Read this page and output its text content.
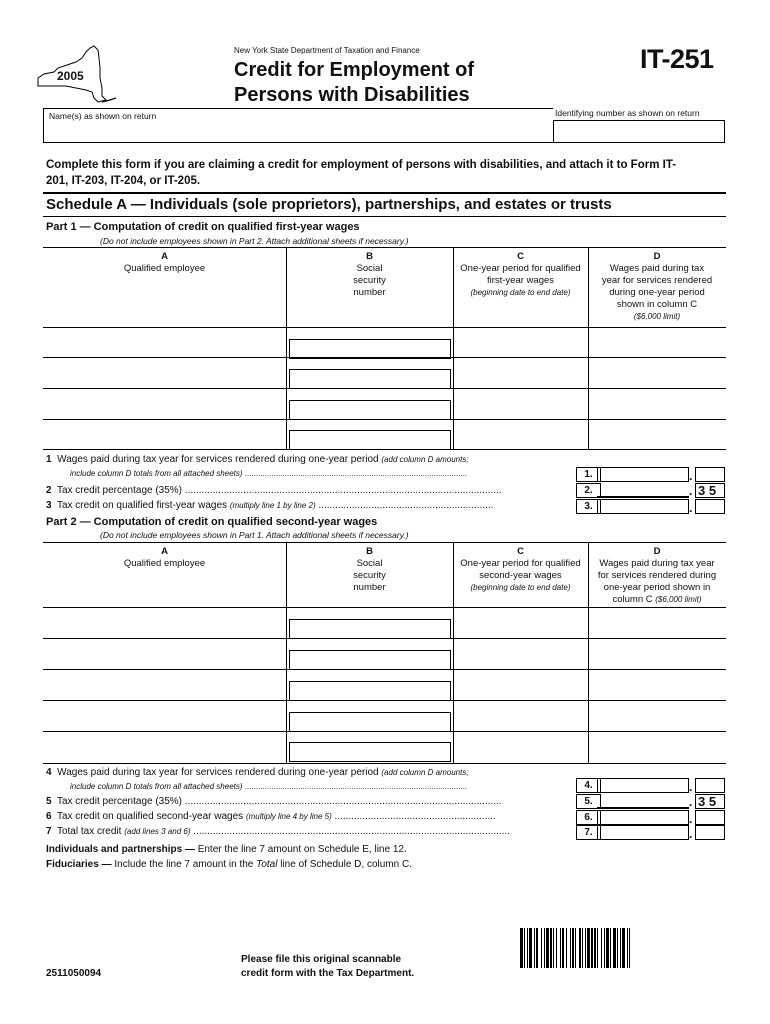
2005
New York State Department of Taxation and Finance
Credit for Employment of
Persons with Disabilities
IT-251
Name(s) as shown on return	Identifying number as shown on return
Complete this form if you are claiming a credit for employment of persons with disabilities, and attach it to Form IT-201, IT-203, IT-204, or IT-205.
Schedule A — Individuals (sole proprietors), partnerships, and estates or trusts
Part 1 — Computation of credit on qualified first-year wages
(Do not include employees shown in Part 2. Attach additional sheets if necessary.)
A
Qualified employee
B
Social
security
number
C
One-year period for qualified
first-year wages
(beginning date to end date)
D
Wages paid during tax
year for services rendered
during one-year period
shown in column C
($6,000 limit)
1 Wages paid during tax year for services rendered during one-year period (add column D amounts;
include column D totals from all attached sheets) ....................................................................................................	1.	.
2 Tax credit percentage (35%) ..................................................................................................................	2.	. 3 5
3 Tax credit on qualified first-year wages (multiply line 1 by line 2) ...............................................................	3.	.
Part 2 — Computation of credit on qualified second-year wages
(Do not include employees shown in Part 1. Attach additional sheets if necessary.)
A
Qualified employee
B
Social
security
number
C
One-year period for qualified
second-year wages
(beginning date to end date)
D
Wages paid during tax year
for services rendered during
one-year period shown in
column C ($6,000 limit)
4 Wages paid during tax year for services rendered during one-year period (add column D amounts;
include column D totals from all attached sheets) ....................................................................................................	4.	.
5 Tax credit percentage (35%) ..................................................................................................................	5.	. 3 5
6 Tax credit on qualified second-year wages (multiply line 4 by line 5) ..........................................................	6.	.
7 Total tax credit (add lines 3 and 6) ..................................................................................................................	7.	.
Individuals and partnerships — Enter the line 7 amount on Schedule E, line 12.
Fiduciaries — Include the line 7 amount in the Total line of Schedule D, column C.
Please file this original scannable
credit form with the Tax Department.
2511050094
